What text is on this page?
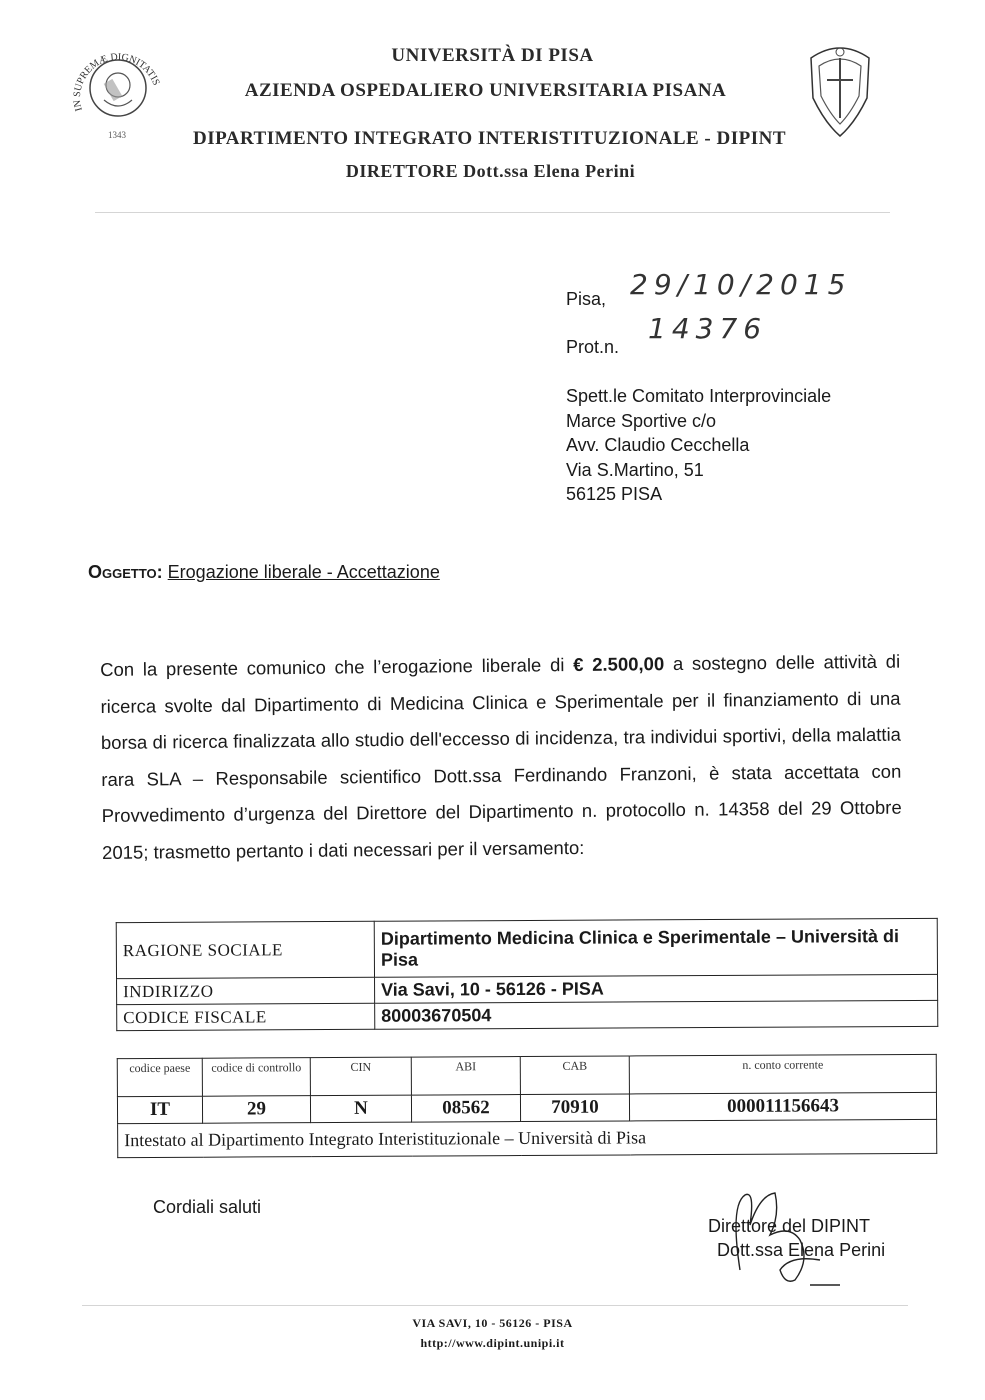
IN SUPREMÆ DIGNITATIS
1343
UNIVERSITÀ DI PISA
AZIENDA OSPEDALIERO UNIVERSITARIA PISANA
DIPARTIMENTO INTEGRATO INTERISTITUZIONALE - DIPINT
DIRETTORE Dott.ssa Elena Perini
Pisa, 29/10/2015
Prot.n.
14376
Spett.le Comitato Interprovinciale
Marce Sportive c/o
Avv. Claudio Cecchella
Via S.Martino, 51
56125 PISA
Oggetto: Erogazione liberale - Accettazione
Con la presente comunico che l’erogazione liberale di € 2.500,00 a sostegno delle attività di ricerca svolte dal Dipartimento di Medicina Clinica e Sperimentale per il finanziamento di una borsa di ricerca finalizzata allo studio dell'eccesso di incidenza, tra individui sportivi, della malattia rara SLA – Responsabile scientifico Dott.ssa Ferdinando Franzoni, è stata accettata con Provvedimento d’urgenza del Direttore del Dipartimento n. protocollo n. 14358 del 29 Ottobre 2015; trasmetto pertanto i dati necessari per il versamento:
RAGIONE SOCIALE	Dipartimento Medicina Clinica e Sperimentale – Università di Pisa
INDIRIZZO	Via Savi, 10 - 56126 - PISA
CODICE FISCALE	80003670504
codice paese	codice di controllo	CIN	ABI	CAB	n. conto corrente
IT	29	N	08562	70910	000011156643
Intestato al Dipartimento Integrato Interistituzionale – Università di Pisa					
Cordiali saluti
Direttore del DIPINT
Dott.ssa Elena Perini
VIA SAVI, 10 - 56126 - PISA
http://www.dipint.unipi.it
